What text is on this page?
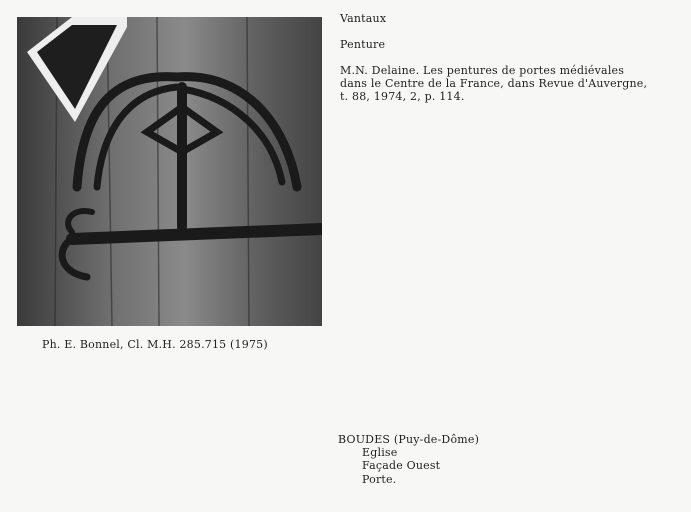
Vantaux
Penture
M.N. Delaine. Les pentures de portes médiévales
dans le Centre de la France, dans Revue d'Auvergne,
t. 88, 1974, 2, p. 114.
Ph. E. Bonnel, Cl. M.H. 285.715 (1975)
BOUDES (Puy-de-Dôme)
Eglise
Façade Ouest
Porte.
